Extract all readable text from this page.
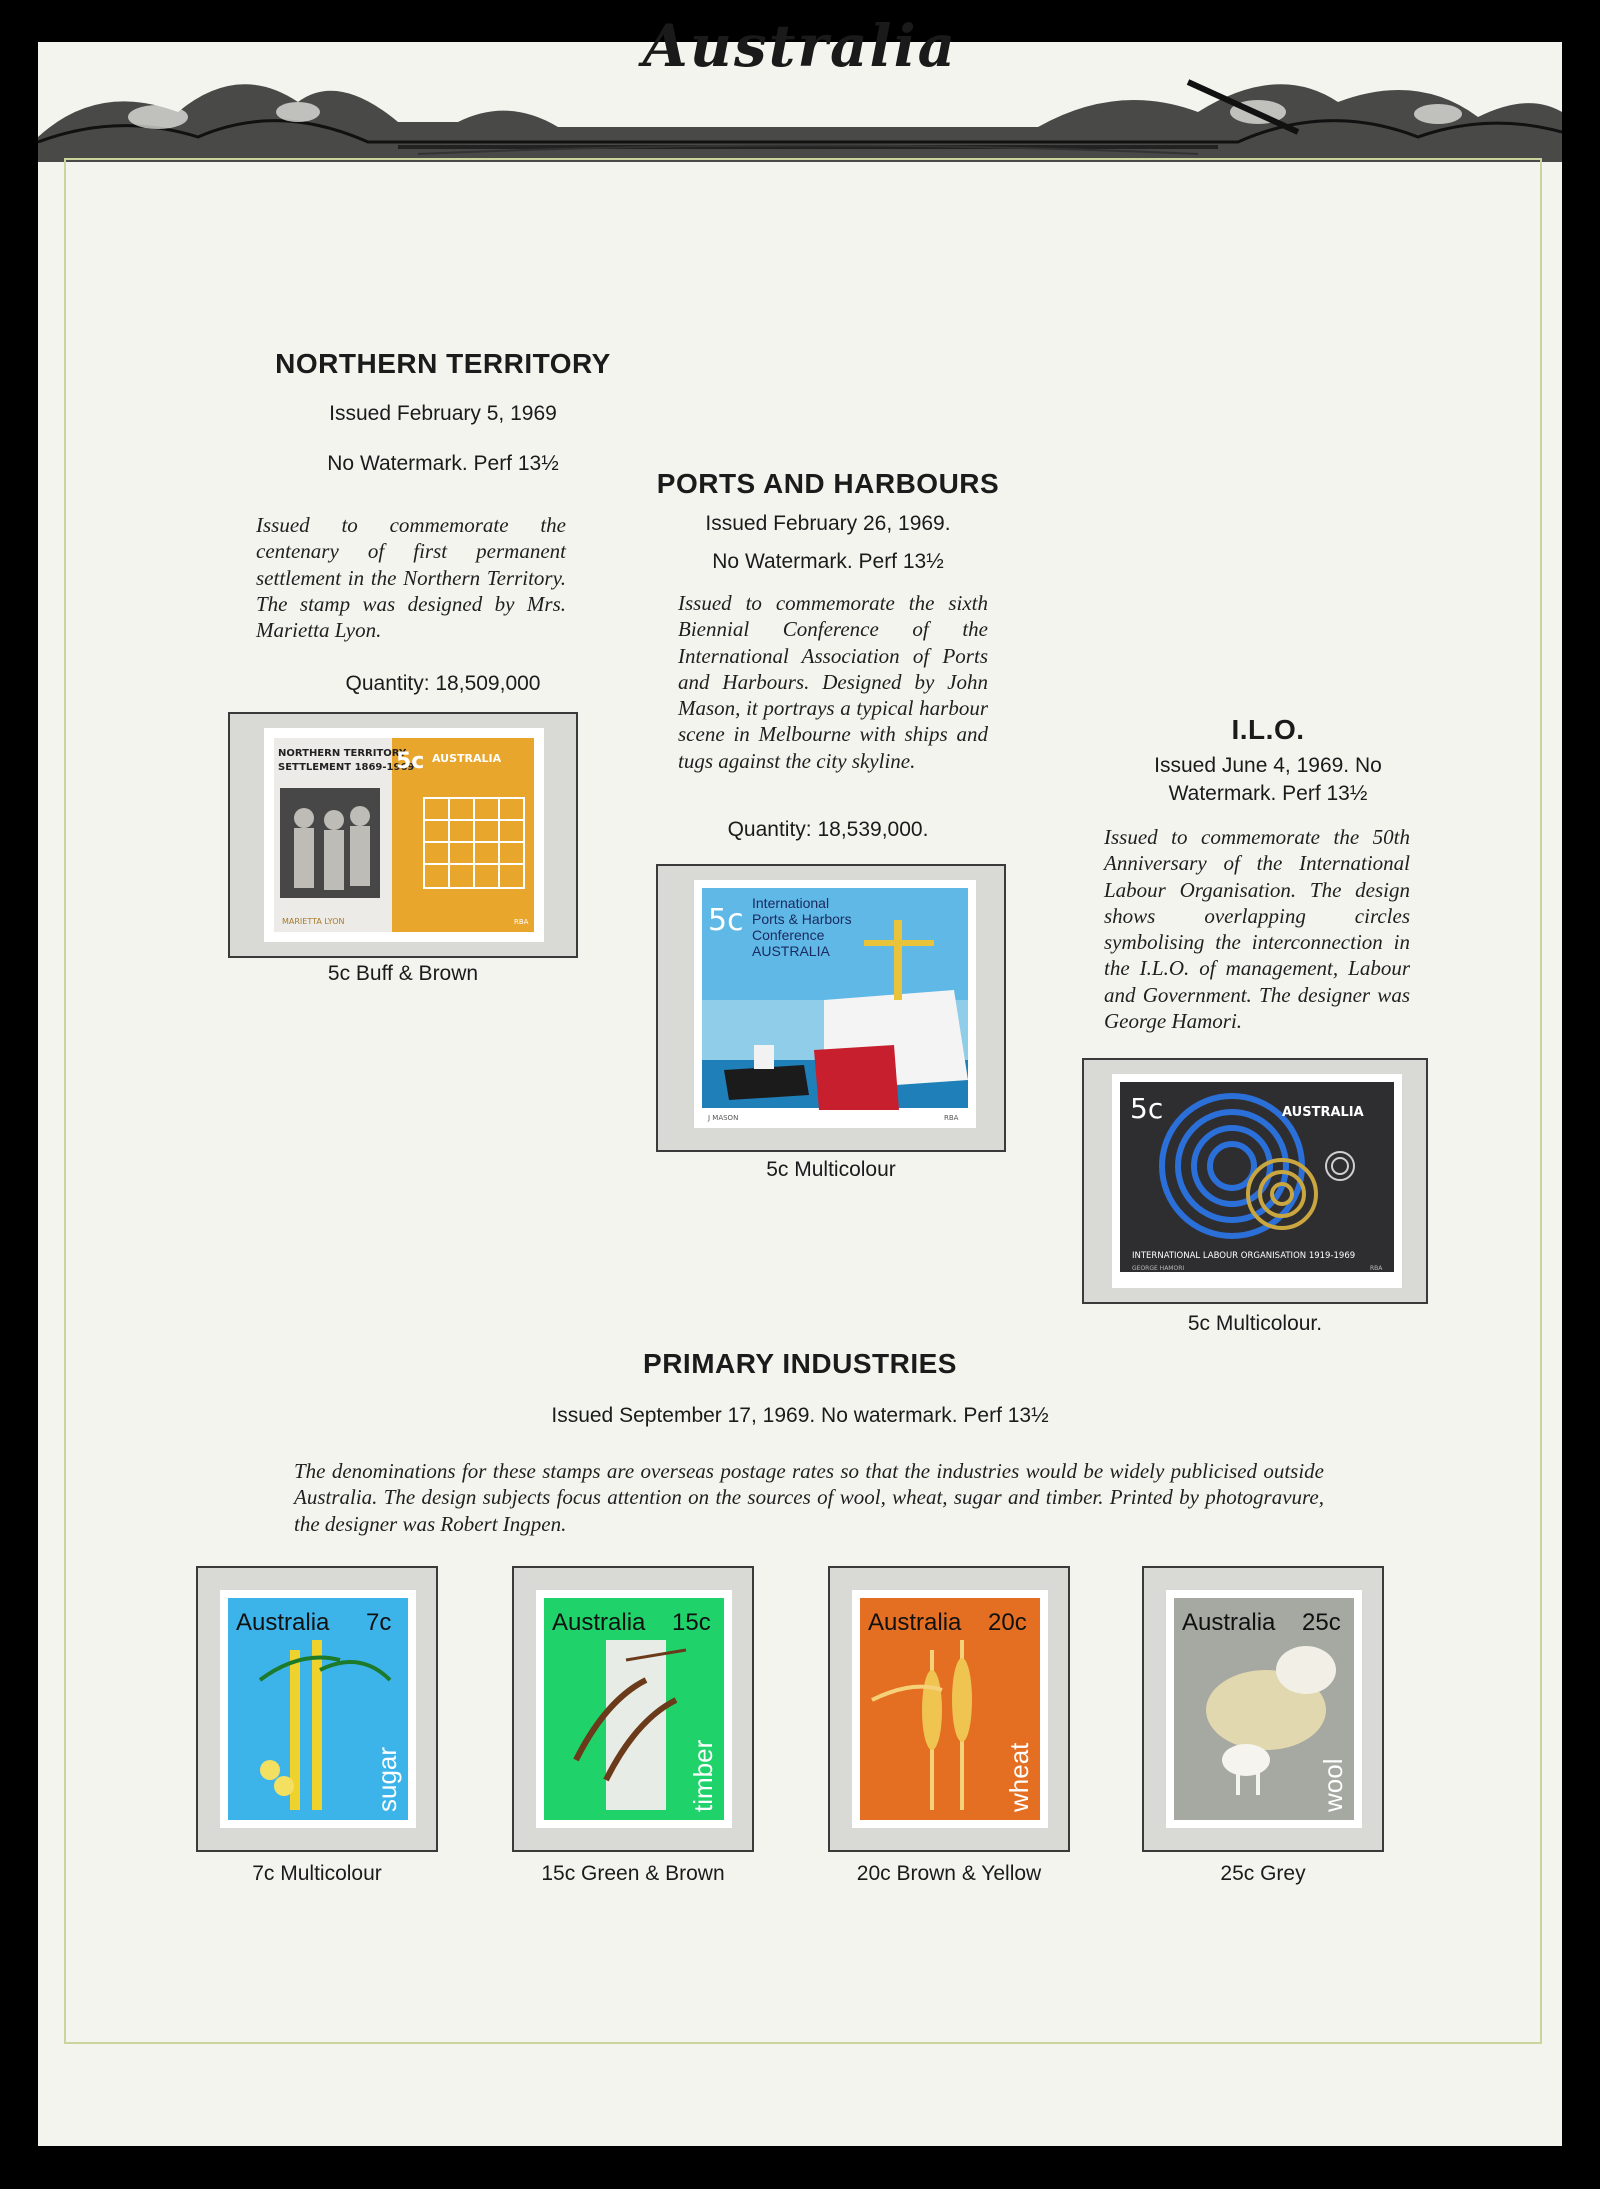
Australia
NORTHERN TERRITORY

Issued February 5, 1969

No Watermark. Perf 13½

Issued to commemorate the centenary of first permanent settlement in the Northern Territory. The stamp was designed by Mrs. Marietta Lyon.

Quantity: 18,509,000

NORTHERN TERRITORY
SETTLEMENT 1869-1969
5c AUSTRALIA
MARIETTA LYON	RBA

5c Buff & Brown

PORTS AND HARBOURS

Issued February 26, 1969.

No Watermark. Perf 13½

Issued to commemorate the sixth Biennial Conference of the International Association of Ports and Harbours. Designed by John Mason, it portrays a typical harbour scene in Melbourne with ships and tugs against the city skyline.

Quantity: 18,539,000.

5c International
Ports & Harbors
Conference
AUSTRALIA
J MASON	RBA

5c Multicolour

I.L.O.

Issued June 4, 1969. No Watermark. Perf 13½

Issued to commemorate the 50th Anniversary of the International Labour Organisation. The design shows overlapping circles symbolising the interconnection in the I.L.O. of management, Labour and Government. The designer was George Hamori.

5c	AUSTRALIA
INTERNATIONAL LABOUR ORGANISATION 1919-1969
GEORGE HAMORI	RBA

5c Multicolour.

PRIMARY INDUSTRIES

Issued September 17, 1969. No watermark. Perf 13½

The denominations for these stamps are overseas postage rates so that the industries would be widely publicised outside Australia. The design subjects focus attention on the sources of wool, wheat, sugar and timber. Printed by photogravure, the designer was Robert Ingpen.

Australia 7c
sugar

7c Multicolour

Australia 15c
timber

15c Green & Brown

Australia 20c
wheat

20c Brown & Yellow

Australia 25c
wool

25c Grey
